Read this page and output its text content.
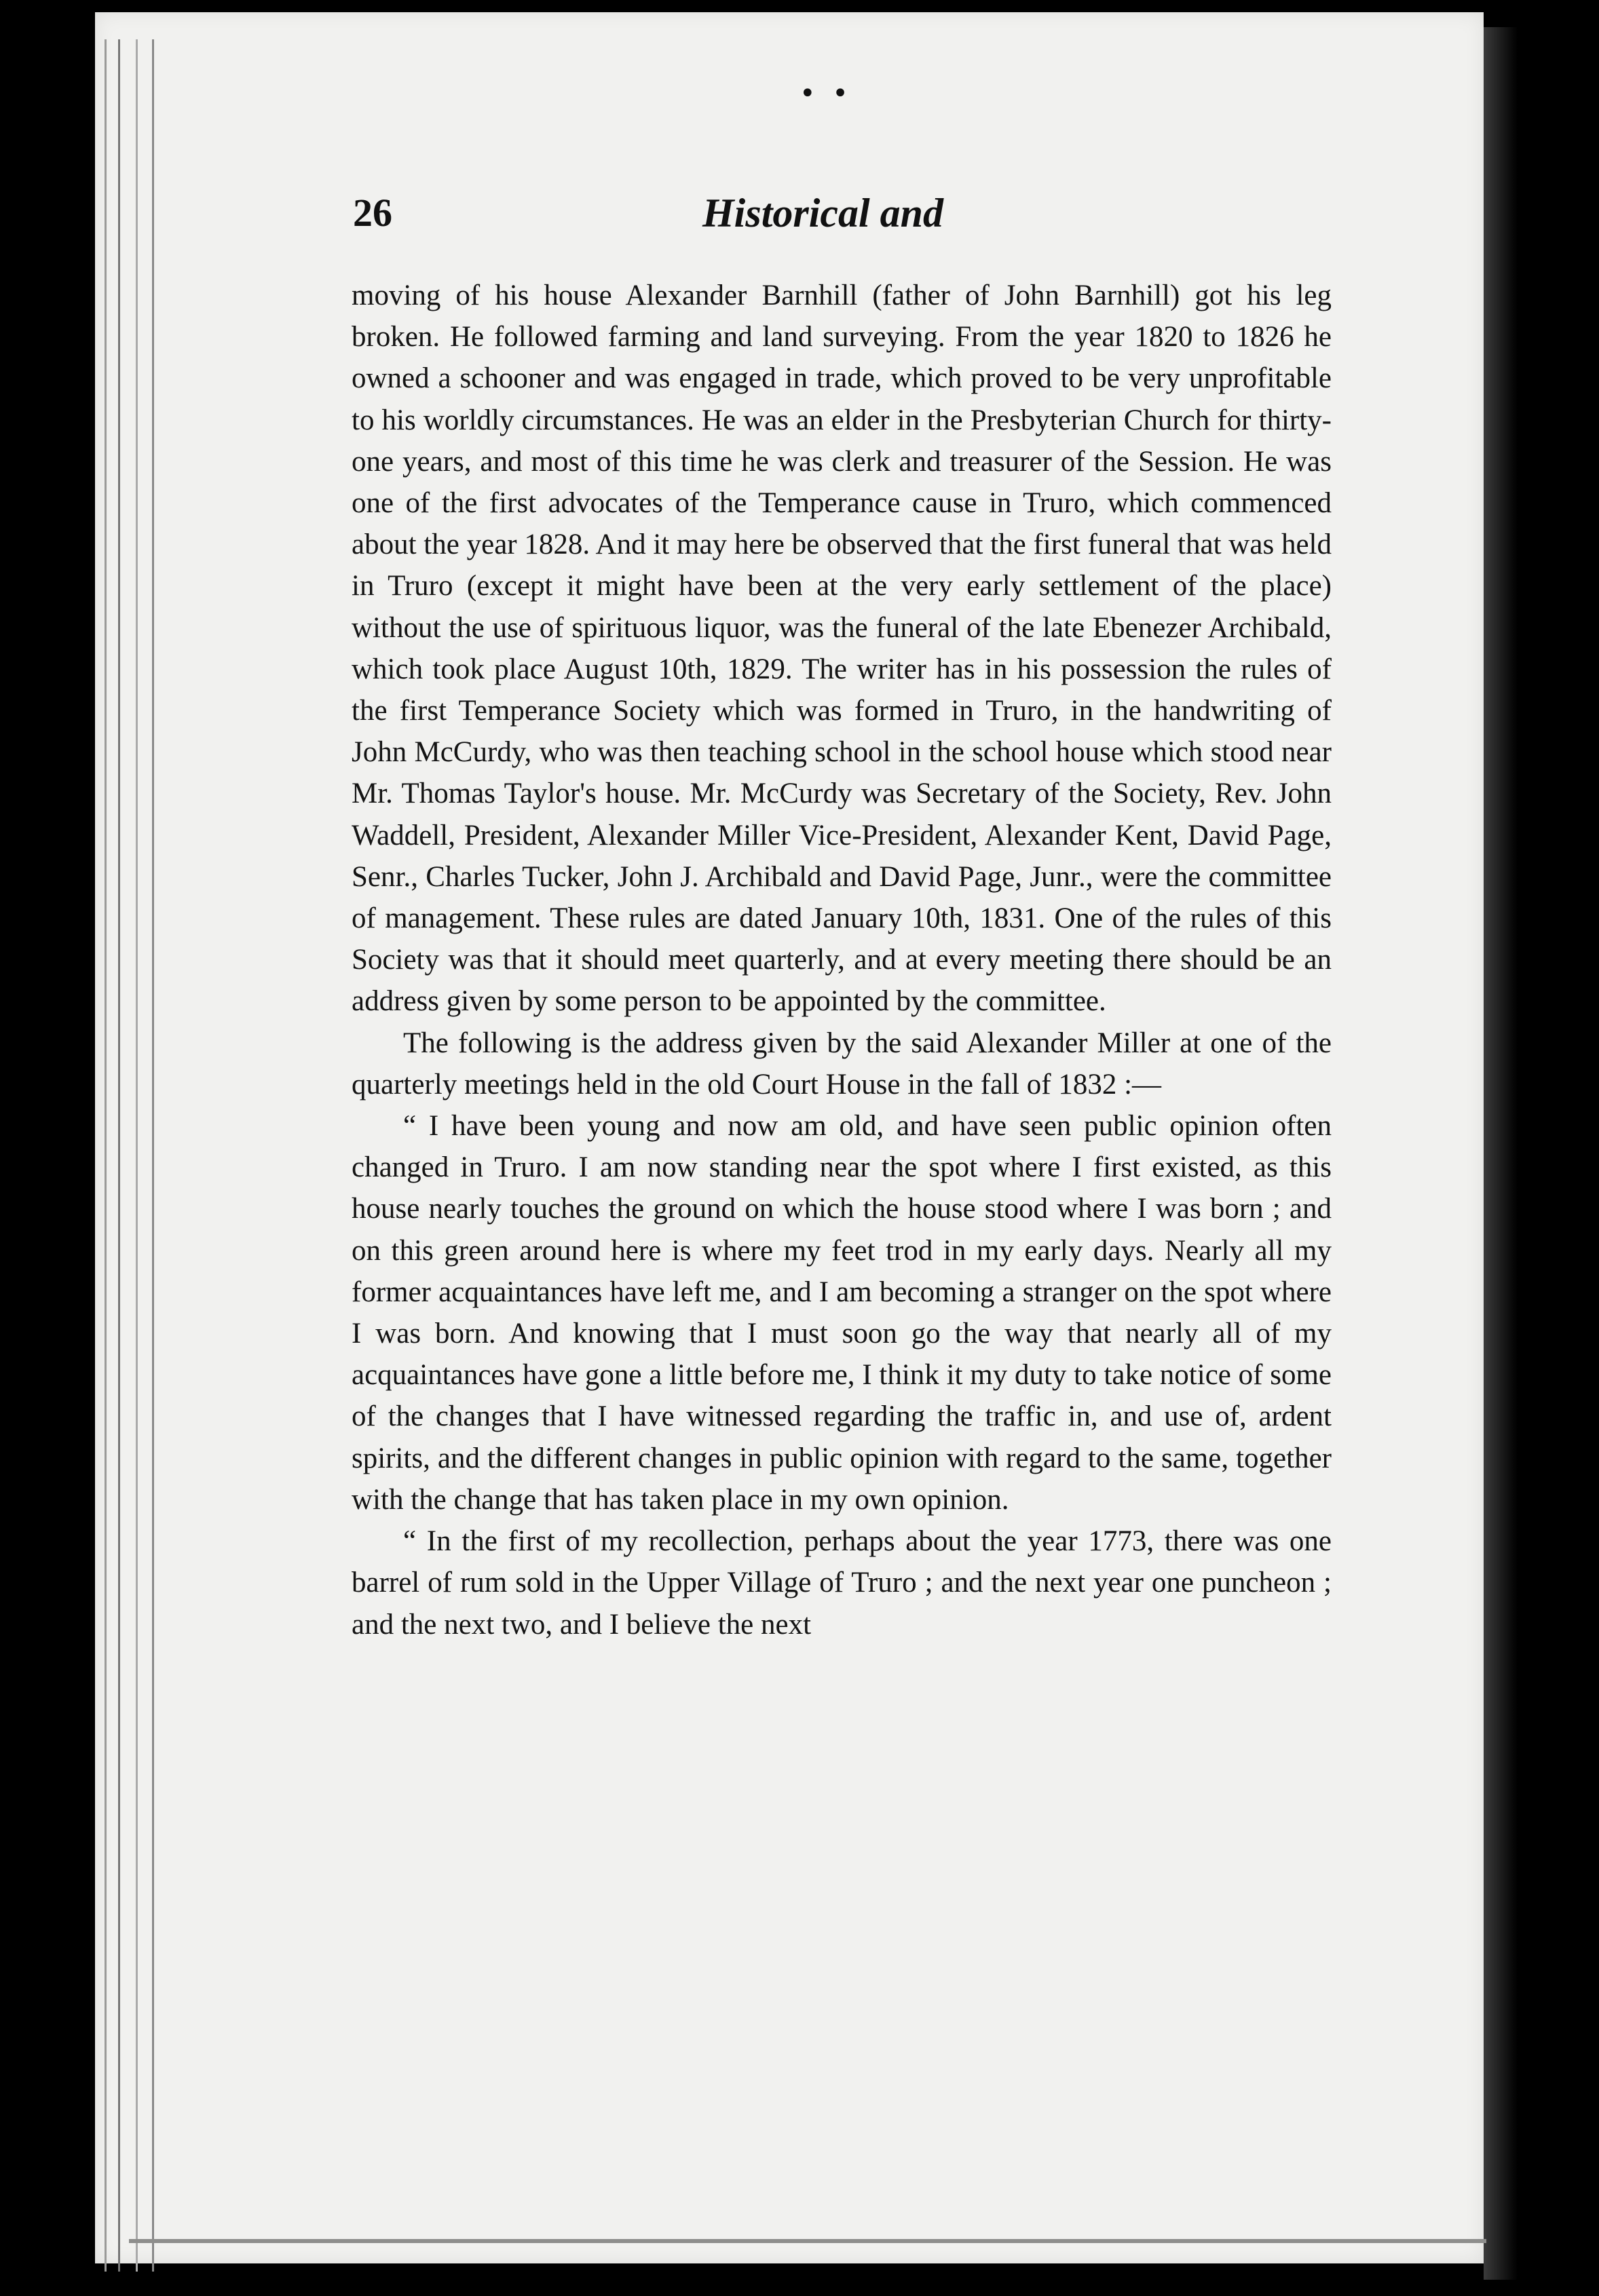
• •
26	Historical and

moving of his house Alexander Barnhill (father of John Barnhill) got his leg broken. He followed farming and land surveying. From the year 1820 to 1826 he owned a schooner and was engaged in trade, which proved to be very unprofitable to his worldly circumstances. He was an elder in the Presbyterian Church for thirty-one years, and most of this time he was clerk and treasurer of the Session. He was one of the first advocates of the Temperance cause in Truro, which commenced about the year 1828. And it may here be observed that the first funeral that was held in Truro (except it might have been at the very early settlement of the place) without the use of spirituous liquor, was the funeral of the late Ebenezer Archibald, which took place August 10th, 1829. The writer has in his possession the rules of the first Temperance Society which was formed in Truro, in the handwriting of John McCurdy, who was then teaching school in the school house which stood near Mr. Thomas Taylor's house. Mr. McCurdy was Secretary of the Society, Rev. John Waddell, President, Alexander Miller Vice-President, Alexander Kent, David Page, Senr., Charles Tucker, John J. Archibald and David Page, Junr., were the committee of management. These rules are dated January 10th, 1831. One of the rules of this Society was that it should meet quarterly, and at every meeting there should be an address given by some person to be appointed by the committee.

The following is the address given by the said Alexander Miller at one of the quarterly meetings held in the old Court House in the fall of 1832 :—

“ I have been young and now am old, and have seen public opinion often changed in Truro. I am now standing near the spot where I first existed, as this house nearly touches the ground on which the house stood where I was born ; and on this green around here is where my feet trod in my early days. Nearly all my former acquaintances have left me, and I am becoming a stranger on the spot where I was born. And knowing that I must soon go the way that nearly all of my acquaintances have gone a little before me, I think it my duty to take notice of some of the changes that I have witnessed regarding the traffic in, and use of, ardent spirits, and the different changes in public opinion with regard to the same, together with the change that has taken place in my own opinion.

“ In the first of my recollection, perhaps about the year 1773, there was one barrel of rum sold in the Upper Village of Truro ; and the next year one puncheon ; and the next two, and I believe the next
